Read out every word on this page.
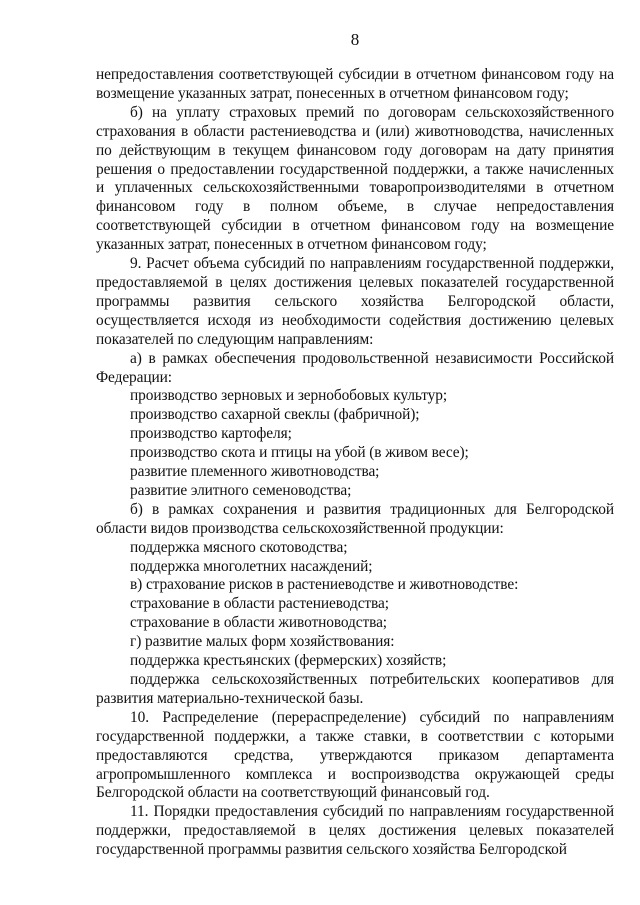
8

непредоставления соответствующей субсидии в отчетном финансовом году на возмещение указанных затрат, понесенных в отчетном финансовом году;

б) на уплату страховых премий по договорам сельскохозяйственного страхования в области растениеводства и (или) животноводства, начисленных по действующим в текущем финансовом году договорам на дату принятия решения о предоставлении государственной поддержки, а также начисленных и уплаченных сельскохозяйственными товаропроизводителями в отчетном финансовом году в полном объеме, в случае непредоставления соответствующей субсидии в отчетном финансовом году на возмещение указанных затрат, понесенных в отчетном финансовом году;

9. Расчет объема субсидий по направлениям государственной поддержки, предоставляемой в целях достижения целевых показателей государственной программы развития сельского хозяйства Белгородской области, осуществляется исходя из необходимости содействия достижению целевых показателей по следующим направлениям:

а) в рамках обеспечения продовольственной независимости Российской Федерации:

производство зерновых и зернобобовых культур;

производство сахарной свеклы (фабричной);

производство картофеля;

производство скота и птицы на убой (в живом весе);

развитие племенного животноводства;

развитие элитного семеноводства;

б) в рамках сохранения и развития традиционных для Белгородской области видов производства сельскохозяйственной продукции:

поддержка мясного скотоводства;

поддержка многолетних насаждений;

в) страхование рисков в растениеводстве и животноводстве:

страхование в области растениеводства;

страхование в области животноводства;

г) развитие малых форм хозяйствования:

поддержка крестьянских (фермерских) хозяйств;

поддержка сельскохозяйственных потребительских кооперативов для развития материально-технической базы.

10. Распределение (перераспределение) субсидий по направлениям государственной поддержки, а также ставки, в соответствии с которыми предоставляются средства, утверждаются приказом департамента агропромышленного комплекса и воспроизводства окружающей среды Белгородской области на соответствующий финансовый год.

11. Порядки предоставления субсидий по направлениям государственной поддержки, предоставляемой в целях достижения целевых показателей государственной программы развития сельского хозяйства Белгородской
